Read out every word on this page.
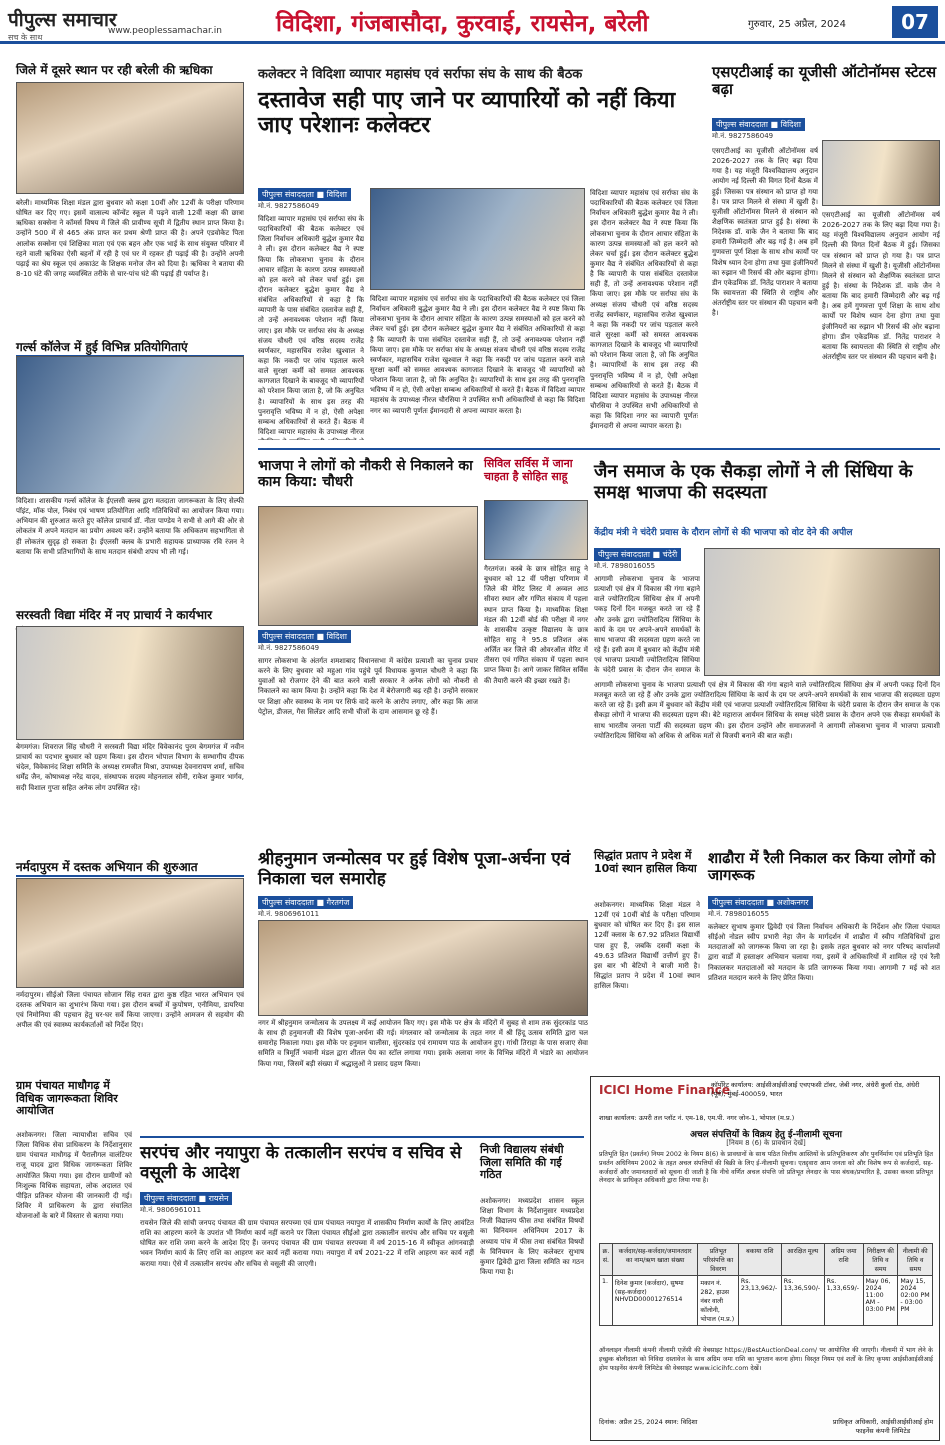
पीपुल्स समाचार
सच के साथ
www.peoplessamachar.in विदिशा, गंजबासौदा, कुरवाई, रायसेन, बरेली	गुरुवार, 25 अप्रैल, 2024	07
जिले में दूसरे स्थान पर रही बरेली की ऋधिका
बरेली। माध्यमिक शिक्षा मंडल द्वारा बुधवार को कक्षा 10वीं और 12वीं के परीक्षा परिणाम घोषित कर दिए गए। इसमें वात्सल्य कॉन्वेंट स्कूल में पढ़ने वाली 12वीं कक्षा की छात्रा ऋधिका सक्सेना ने कॉमर्स विषय में जिले की प्रावीण्य सूची में द्वितीय स्थान प्राप्त किया है। उन्होंने 500 में से 465 अंक प्राप्त कर प्रथम श्रेणी प्राप्त की है। अपने एडवोकेट पिता आलोक सक्सेना एवं शिक्षिका माता एवं एक बहन और एक भाई के साथ संयुक्त परिवार में रहने वाली ऋधिका ऐसी बहनों में रही है एवं घर में रहकर ही पढ़ाई की है। उन्होंने अपनी पढ़ाई का श्रेय स्कूल एवं अकाउंट के शिक्षक मनोज जैन को दिया है। ऋधिका ने बताया की 8-10 घंटे की जगह व्यवस्थित तरीके से चार-पांच घंटे की पढ़ाई ही पर्याप्त है।
गर्ल्स कॉलेज में हुई विभिन्न प्रतियोगिताएं
विदिशा। शासकीय गर्ल्स कॉलेज के ईएलसी क्लब द्वारा मतदाता जागरूकता के लिए सेल्फी पॉइंट, मॉक पोल, निबंध एवं भाषण प्रतियोगिता आदि गतिविधियों का आयोजन किया गया। अभियान की शुरुआत करते हुए कॉलेज प्राचार्य डॉ. नीता पाण्डेय ने सभी से आगे की ओर से लोकतंत्र में अपने मतदान का प्रयोग अवश्य करें। उन्होंने बताया कि अधिकतम सहभागिता से ही लोकतंत्र सुदृढ़ हो सकता है। ईएलसी क्लब के प्रभारी सहायक प्राध्यापक रवि रंजन ने बताया कि सभी प्रतिभागियों के साथ मतदान संबंधी शपथ भी ली गई।
सरस्वती विद्या मंदिर में नए प्राचार्य ने कार्यभार
बेगमगंज। शिवराज सिंह चौधरी ने सरस्वती विद्या मंदिर विवेकानंद पुरम बेगमगंज में नवीन प्राचार्य का पदभार बुधवार को ग्रहण किया। इस दौरान भोपाल विभाग के सम्भागीय दीपक चंदेल, विवेकानंद शिक्षा समिति के अध्यक्ष रामजीत मिश्रा, उपाध्यक्ष देवनारायण शर्मा, सचिव धर्मेंद्र जैन, कोषाध्यक्ष नरेंद्र यादव, संस्थापक सदस्य मोहनलाल सोनी, राकेश कुमार भार्गव, सदी विशाल गुप्ता सहित अनेक लोग उपस्थित रहे।
नर्मदापुरम में दस्तक अभियान की शुरुआत
नर्मदापुरम। सीईओ जिला पंचायत सोजान सिंह रावत द्वारा कुष्ठ रहित भारत अभियान एवं दस्तक अभियान का शुभारंभ किया गया। इस दौरान बच्चों में कुपोषण, एनीमिया, डायरिया एवं निमोनिया की पहचान हेतु घर-घर सर्वे किया जाएगा। उन्होंने आमजन से सहयोग की अपील की एवं स्वास्थ्य कार्यकर्ताओं को निर्देश दिए।
ग्राम पंचायत माधौगढ़ में विधिक जागरूकता शिविर आयोजित
अशोकनगर। जिला न्यायाधीश सचिव एवं जिला विधिक सेवा प्राधिकरण के निर्देशानुसार ग्राम पंचायत माधौगढ़ में पैरालीगल वालंटियर राजू यादव द्वारा विधिक जागरूकता शिविर आयोजित किया गया। इस दौरान ग्रामीणों को निःशुल्क विधिक सहायता, लोक अदालत एवं पीड़ित प्रतिकर योजना की जानकारी दी गई। शिविर में प्राधिकरण के द्वारा संचालित योजनाओं के बारे में विस्तार से बताया गया।
कलेक्टर ने विदिशा व्यापार महासंघ एवं सर्राफा संघ के साथ की बैठक
दस्तावेज सही पाए जाने पर व्यापारियों को नहीं किया जाए परेशानः कलेक्टर
पीपुल्स संवाददाता ■ विदिशा
मो.नं. 9827586049
विदिशा व्यापार महासंघ एवं सर्राफा संघ के पदाधिकारियों की बैठक कलेक्टर एवं जिला निर्वाचन अधिकारी बुद्धेश कुमार वैद्य ने ली। इस दौरान कलेक्टर वैद्य ने स्पष्ट किया कि लोकसभा चुनाव के दौरान आचार संहिता के कारण उत्पन्न समस्याओं को हल करने को लेकर चर्चा हुई। इस दौरान कलेक्टर बुद्धेश कुमार वैद्य ने संबंधित अधिकारियों से कहा है कि व्यापारी के पास संबंधित दस्तावेज सही हैं, तो उन्हें अनावश्यक परेशान नहीं किया जाए। इस मौके पर सर्राफा संघ के अध्यक्ष संजय चौधरी एवं वरिष्ठ सदस्य राजेंद्र स्वर्णकार, महासचिव राजेश खुश्वाल ने कहा कि नकदी पर जांच पड़ताल करने वाले सुरक्षा कर्मी को समस्त आवश्यक कागजात दिखाने के बावजूद भी व्यापारियों को परेशान किया जाता है, जो कि अनुचित है। व्यापारियों के साथ इस तरह की पुनरावृत्ति भविष्य में न हो, ऐसी अपेक्षा सम्बन्ध अधिकारियों से करते हैं। बैठक में विदिशा व्यापार महासंघ के उपाध्यक्ष नीरज
विदिशा व्यापार महासंघ एवं सर्राफा संघ के पदाधिकारियों की बैठक कलेक्टर एवं जिला निर्वाचन अधिकारी बुद्धेश कुमार वैद्य ने ली। इस दौरान कलेक्टर वैद्य ने स्पष्ट किया कि लोकसभा चुनाव के दौरान आचार संहिता के कारण उत्पन्न समस्याओं को हल करने को लेकर चर्चा हुई। इस दौरान कलेक्टर बुद्धेश कुमार वैद्य ने संबंधित अधिकारियों से कहा है कि व्यापारी के पास संबंधित दस्तावेज सही हैं, तो उन्हें अनावश्यक परेशान नहीं किया जाए। इस मौके पर सर्राफा संघ के अध्यक्ष संजय चौधरी एवं वरिष्ठ सदस्य राजेंद्र स्वर्णकार, महासचिव राजेश खुश्वाल ने कहा कि नकदी पर जांच पड़ताल करने वाले सुरक्षा कर्मी को समस्त आवश्यक कागजात दिखाने के बावजूद भी व्यापारियों को परेशान किया जाता है, जो कि अनुचित है। व्यापारियों के साथ इस तरह की पुनरावृत्ति भविष्य में न हो, ऐसी अपेक्षा सम्बन्ध अधिकारियों से करते हैं। बैठक में विदिशा व्यापार महासंघ के उपाध्यक्ष नीरज चौरसिया ने उपस्थित सभी अधिकारियों से कहा कि विदिशा नगर का व्यापारी पूर्णतः ईमानदारी से अपना व्यापार करता है।
विदिशा व्यापार महासंघ एवं सर्राफा संघ के पदाधिकारियों की बैठक कलेक्टर एवं जिला निर्वाचन अधिकारी बुद्धेश कुमार वैद्य ने ली। इस दौरान कलेक्टर वैद्य ने स्पष्ट किया कि लोकसभा चुनाव के दौरान आचार संहिता के कारण उत्पन्न समस्याओं को हल करने को लेकर चर्चा हुई। इस दौरान कलेक्टर बुद्धेश कुमार वैद्य ने संबंधित अधिकारियों से कहा है कि व्यापारी के पास संबंधित दस्तावेज सही हैं, तो उन्हें अनावश्यक परेशान नहीं किया जाए। इस मौके पर सर्राफा संघ के अध्यक्ष संजय चौधरी एवं वरिष्ठ सदस्य राजेंद्र स्वर्णकार, महासचिव राजेश खुश्वाल ने कहा कि नकदी पर जांच पड़ताल करने वाले सुरक्षा कर्मी को समस्त आवश्यक कागजात दिखाने के बावजूद भी व्यापारियों को परेशान किया जाता है, जो कि अनुचित है। व्यापारियों के साथ इस तरह की पुनरावृत्ति भविष्य में न हो, ऐसी अपेक्षा सम्बन्ध अधिकारियों से करते हैं। बैठक में विदिशा व्यापार महासंघ के उपाध्यक्ष नीरज चौरसिया ने उपस्थित सभी अधिकारियों से कहा कि विदिशा नगर का व्यापारी पूर्णतः ईमानदारी से अपना व्यापार करता है।
एसएटीआई का यूजीसी ऑटोनॉमस स्टेटस बढ़ा
पीपुल्स संवाददाता ■ विदिशा
मो.नं. 9827586049
एसएटीआई का यूजीसी ऑटोनॉमस वर्ष 2026-2027 तक के लिए बढ़ा दिया गया है। यह मंजूरी विश्वविद्यालय अनुदान आयोग नई दिल्ली की विगत दिनों बैठक में हुई। जिसका पत्र संस्थान को प्राप्त हो गया है। पत्र प्राप्त मिलने से संस्था में खुशी है। यूजीसी ऑटोनॉमस मिलने से संस्थान को शैक्षणिक स्वतंत्रता प्राप्त हुई है। संस्था के निदेशक डॉ. वाके जैन ने बताया कि बाद हमारी जिम्मेदारी और बढ़ गई है। अब हमें गुणवत्ता पूर्ण शिक्षा के साथ शोध कार्यों पर विशेष ध्यान देना होगा तथा युवा इंजीनियरों का रुझान भी रिसर्च की ओर बढ़ाना होगा। डीन एकेडमिक डॉ. नितेंद्र पाराशर ने बताया कि स्वायत्तता की स्थिति से राष्ट्रीय और अंतर्राष्ट्रीय स्तर पर संस्थान की पहचान बनी है।
एसएटीआई का यूजीसी ऑटोनॉमस वर्ष 2026-2027 तक के लिए बढ़ा दिया गया है। यह मंजूरी विश्वविद्यालय अनुदान आयोग नई दिल्ली की विगत दिनों बैठक में हुई। जिसका पत्र संस्थान को प्राप्त हो गया है। पत्र प्राप्त मिलने से संस्था में खुशी है। यूजीसी ऑटोनॉमस मिलने से संस्थान को शैक्षणिक स्वतंत्रता प्राप्त हुई है। संस्था के निदेशक डॉ. वाके जैन ने बताया कि बाद हमारी जिम्मेदारी और बढ़ गई है। अब हमें गुणवत्ता पूर्ण शिक्षा के साथ शोध कार्यों पर विशेष ध्यान देना होगा तथा युवा इंजीनियरों का रुझान भी रिसर्च की ओर बढ़ाना होगा। डीन एकेडमिक डॉ. नितेंद्र पाराशर ने बताया कि स्वायत्तता की स्थिति से राष्ट्रीय और अंतर्राष्ट्रीय स्तर पर संस्थान की पहचान बनी है।
भाजपा ने लोगों को नौकरी से निकालने का काम किया: चौधरी
पीपुल्स संवाददाता ■ विदिशा
मो.नं. 9827586049
सागर लोकसभा के अंतर्गत शमशाबाद विधानसभा में कांग्रेस प्रत्याशी का चुनाव प्रचार करने के लिए बुधवार को महुआ गांव पहुंचे पूर्व विधायक कुणाल चौधरी ने कहा कि युवाओं को रोजगार देने की बात करने वाली सरकार ने अनेक लोगों को नौकरी से निकालने का काम किया है। उन्होंने कहा कि देश में बेरोजगारी बढ़ रही है। उन्होंने सरकार पर शिक्षा और स्वास्थ्य के नाम पर सिर्फ वादे करने के आरोप लगाए, और कहा कि आज पेट्रोल, डीजल, गैस सिलेंडर आदि सभी चीजों के दाम आसमान छू रहे हैं।
सिविल सर्विस में जाना चाहता है सोहित साहू
गैरतगंज। कस्बे के छात्र सोहित साहू ने बुधवार को 12 वीं परीक्षा परिणाम में जिले की मेरिट लिस्ट में अव्वल आठ सीवरा स्थान और गणित संकाय में पहला स्थान प्राप्त किया है। माध्यमिक शिक्षा मंडल की 12वीं बोर्ड की परीक्षा में नगर के शासकीय उत्कृष्ट विद्यालय के छात्र सोहित साहू ने 95.8 प्रतिशत अंक अर्जित कर जिले की ओवरऑल मेरिट में तीसरा एवं गणित संकाय में पहला स्थान प्राप्त किया है। आगे जाकर सिविल सर्विस की तैयारी करने की इच्छा रखते हैं।
जैन समाज के एक सैकड़ा लोगों ने ली सिंधिया के समक्ष भाजपा की सदस्यता
केंद्रीय मंत्री ने चंदेरी प्रवास के दौरान लोगों से की भाजपा को वोट देने की अपील
पीपुल्स संवाददाता ■ चंदेरी
मो.नं. 7898016055
आगामी लोकसभा चुनाव के भाजपा प्रत्याशी एवं क्षेत्र में विकास की गंगा बहाने वाले ज्योतिरादित्य सिंधिया क्षेत्र में अपनी पकड़ दिनों दिन मजबूत करते जा रहे हैं और उनके द्वारा ज्योतिरादित्य सिंधिया के कार्य के दम पर अपने-अपने समर्थकों के साथ भाजपा की सदस्यता ग्रहण करते जा रहे हैं। इसी क्रम में बुधवार को केंद्रीय मंत्री एवं भाजपा प्रत्याशी ज्योतिरादित्य सिंधिया के चंदेरी प्रवास के दौरान जैन समाज के
आगामी लोकसभा चुनाव के भाजपा प्रत्याशी एवं क्षेत्र में विकास की गंगा बहाने वाले ज्योतिरादित्य सिंधिया क्षेत्र में अपनी पकड़ दिनों दिन मजबूत करते जा रहे हैं और उनके द्वारा ज्योतिरादित्य सिंधिया के कार्य के दम पर अपने-अपने समर्थकों के साथ भाजपा की सदस्यता ग्रहण करते जा रहे हैं। इसी क्रम में बुधवार को केंद्रीय मंत्री एवं भाजपा प्रत्याशी ज्योतिरादित्य सिंधिया के चंदेरी प्रवास के दौरान जैन समाज के एक सैकड़ा लोगों ने भाजपा की सदस्यता ग्रहण की। बेटे महाराज आर्यमन सिंधिया के समक्ष चंदेरी प्रवास के दौरान अपने एक सैकड़ा समर्थकों के साथ भारतीय जनता पार्टी की सदस्यता ग्रहण की। इस दौरान उन्होंने और समाजजनों ने आगामी लोकसभा चुनाव में भाजपा प्रत्याशी ज्योतिरादित्य सिंधिया को अधिक से अधिक मतों से विजयी बनाने की बात कही।
श्रीहनुमान जन्मोत्सव पर हुई विशेष पूजा-अर्चना एवं निकाला चल समारोह
पीपुल्स संवाददाता ■ गैरतगंज
मो.नं. 9806961011
नगर में श्रीहनुमान जन्मोत्सव के उपलक्ष्य में कई आयोजन किए गए। इस मौके पर क्षेत्र के मंदिरों में सुबह से शाम तक सुंदरकांड पाठ के साथ ही हनुमानजी की विशेष पूजा-अर्चना की गई। मंगलवार को जन्मोत्सव के तहत नगर में श्री हिंदू उत्सव समिति द्वारा चल समारोह निकाला गया। इस मौके पर हनुमान चालीसा, सुंदरकांड एवं रामायण पाठ के आयोजन हुए। गांधी तिराहा के पास सजाए सेवा समिति व त्रिमूर्ति भवानी मंडल द्वारा शीतल पेय का स्टॉल लगाया गया। इसके अलावा नगर के विभिन्न मंदिरों में भंडारे का आयोजन किया गया, जिसमें बड़ी संख्या में श्रद्धालुओं ने प्रसाद ग्रहण किया।
सिद्धांत प्रताप ने प्रदेश में 10वां स्थान हासिल किया
अशोकनगर। माध्यमिक शिक्षा मंडल ने 12वीं एवं 10वीं बोर्ड के परीक्षा परिणाम बुधवार को घोषित कर दिए हैं। इस साल 12वीं क्लास के 67.92 प्रतिशत विद्यार्थी पास हुए हैं, जबकि दसवीं कक्षा के 49.63 प्रतिशत विद्यार्थी उत्तीर्ण हुए हैं। इस बार भी बेटियों ने बाजी मारी है। सिद्धांत प्रताप ने प्रदेश में 10वां स्थान हासिल किया।
शाढौरा में रैली निकाल कर किया लोगों को जागरूक
पीपुल्स संवाददाता ■ अशोकनगर
मो.नं. 7898016055
कलेक्टर सुभाष कुमार द्विवेदी एवं जिला निर्वाचन अधिकारी के निर्देशन और जिला पंचायत सीईओ नोडल स्वीप प्रभारी नेहा जैन के मार्गदर्शन में शाढौरा में स्वीप गतिविधियों द्वारा मतदाताओं को जागरूक किया जा रहा है। इसके तहत बुधवार को नगर परिषद कार्यालयों द्वारा वार्डों में हस्ताक्षर अभियान चलाया गया, इसमें वे अधिकारियों में शामिल रहे एवं रैली निकालकर मतदाताओं को मतदान के प्रति जागरूक किया गया। आगामी 7 मई को शत प्रतिशत मतदान करने के लिए प्रेरित किया।
सरपंच और नयापुरा के तत्कालीन सरपंच व सचिव से वसूली के आदेश
पीपुल्स संवाददाता ■ रायसेन
मो.नं. 9806961011
रायसेन जिले की सांची जनपद पंचायत की ग्राम पंचायत सरपच्मा एवं ग्राम पंचायत नयापुरा में शासकीय निर्माण कार्यों के लिए आवंटित राशि का आहरण करने के उपरांत भी निर्माण कार्य नहीं कराने पर जिला पंचायत सीईओ द्वारा तत्कालीन सरपंच और सचिव पर वसूली घोषित कर राशि जमा करने के आदेश दिए हैं। जनपद पंचायत की ग्राम पंचायत सरपच्मा में वर्ष 2015-16 में स्वीकृत आंगनवाड़ी भवन निर्माण कार्य के लिए राशि का आहरण कर कार्य नहीं कराया गया। नयापुरा में वर्ष 2021-22 में राशि आहरण कर कार्य नहीं कराया गया। ऐसे में तत्कालीन सरपंच और सचिव से वसूली की जाएगी।
निजी विद्यालय संबंधी जिला समिति की गई गठित
अशोकनगर। मध्यप्रदेश शासन स्कूल शिक्षा विभाग के निर्देशानुसार मध्यप्रदेश निजी विद्यालय फीस तथा संबंधित विषयों का विनियमन अधिनियम 2017 के अध्याय पांच में फीस तथा संबंधित विषयों के विनियमन के लिए कलेक्टर सुभाष कुमार द्विवेदी द्वारा जिला समिति का गठन किया गया है।
ICICI Home Finance
कॉर्पोरेट कार्यालय: आईसीआईसीआई एचएफसी टॉवर, जेबी नगर, अंधेरी कुर्ला रोड, अंधेरी (पूर्व), मुंबई-400059, भारत
शाखा कार्यालय: ऊपरी तल प्लॉट नं. एम-18, एम.पी. नगर जोन-1, भोपाल (म.प्र.)
अचल संपत्तियों के विक्रय हेतु ई-नीलामी सूचना
[नियम 8 (6) के प्रावधान देखें]
प्रतिभूति हित (प्रवर्तन) नियम 2002 के नियम 8(6) के प्रावधानों के साथ पठित वित्तीय आस्तियों के प्रतिभूतिकरण और पुनर्निर्माण एवं प्रतिभूति हित प्रवर्तन अधिनियम 2002 के तहत अचल संपत्तियों की बिक्री के लिए ई-नीलामी सूचना। एतद्द्वारा आम जनता को और विशेष रूप से कर्जदारों, सह-कर्जदारों और जमानतदारों को सूचना दी जाती है कि नीचे वर्णित अचल संपत्ति जो प्रतिभूत लेनदार के पास बंधक/प्रभारित है, उसका कब्जा प्रतिभूत लेनदार के प्राधिकृत अधिकारी द्वारा लिया गया है।
क्र. सं.	कर्जदार/सह-कर्जदार/जमानतदार का नाम/ऋण खाता संख्या	प्रतिभूत परिसंपत्ति का विवरण	बकाया राशि	आरक्षित मूल्य	अग्रिम जमा राशि	निरीक्षण की तिथि व समय	नीलामी की तिथि व समय
1.	दिनेश कुमार (कर्जदार), सुषमा (सह-कर्जदार) NHVDD00001276514	मकान नं. 282, हाउस नंबर वाली कॉलोनी, भोपाल (म.प्र.)	Rs. 23,13,962/-	Rs. 13,36,590/-	Rs. 1,33,659/-	May 06, 2024 11:00 AM - 03:00 PM	May 15, 2024 02:00 PM - 03:00 PM
ऑनलाइन नीलामी कंपनी नीलामी एजेंसी की वेबसाइट https://BestAuctionDeal.com/ पर आयोजित की जाएगी। नीलामी में भाग लेने के इच्छुक बोलीदाता को निविदा दस्तावेज के साथ अग्रिम जमा राशि का भुगतान करना होगा। विस्तृत नियम एवं शर्तों के लिए कृपया आईसीआईसीआई होम फाइनेंस कंपनी लिमिटेड की वेबसाइट www.icicihfc.com देखें।
दिनांक: अप्रैल 25, 2024 स्थान: विदिशा	प्राधिकृत अधिकारी, आईसीआईसीआई होम फाइनेंस कंपनी लिमिटेड
